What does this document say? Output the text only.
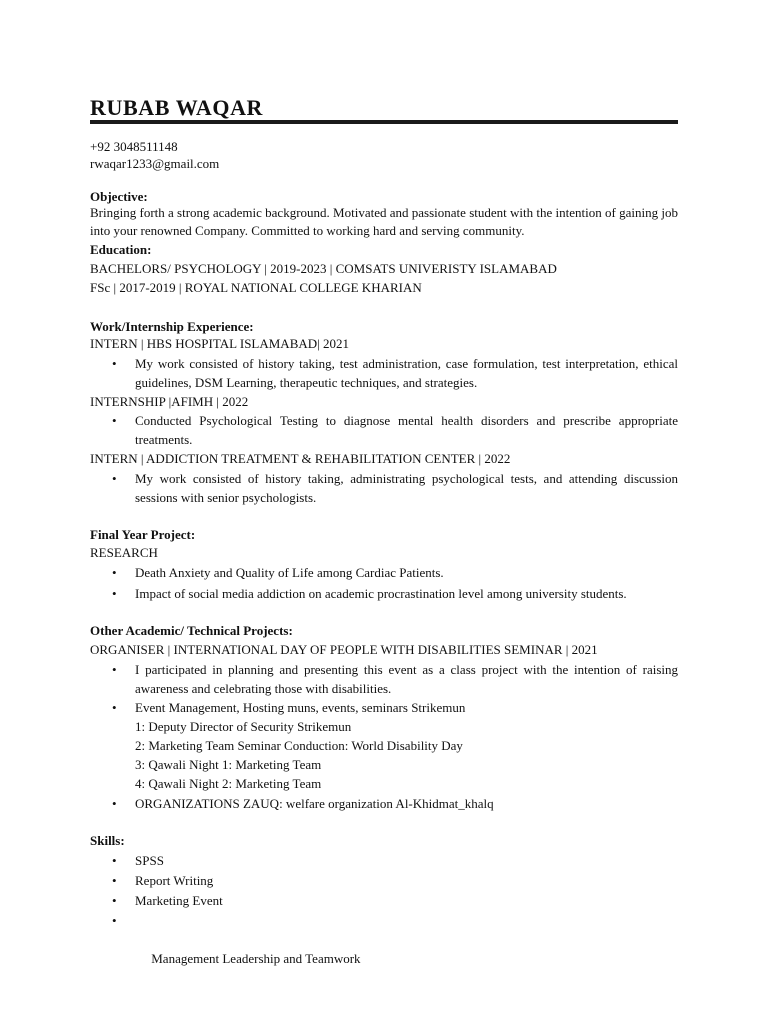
RUBAB WAQAR
+92 3048511148
rwaqar1233@gmail.com
Objective:
Bringing forth a strong academic background. Motivated and passionate student with the intention of gaining job into your renowned Company. Committed to working hard and serving community.
Education:
BACHELORS/ PSYCHOLOGY | 2019-2023 | COMSATS UNIVERISTY ISLAMABAD
FSc | 2017-2019 | ROYAL NATIONAL COLLEGE KHARIAN
Work/Internship Experience:
INTERN | HBS HOSPITAL ISLAMABAD| 2021
• My work consisted of history taking, test administration, case formulation, test interpretation, ethical guidelines, DSM Learning, therapeutic techniques, and strategies.
INTERNSHIP |AFIMH | 2022
• Conducted Psychological Testing to diagnose mental health disorders and prescribe appropriate treatments.
INTERN | ADDICTION TREATMENT & REHABILITATION CENTER | 2022
• My work consisted of history taking, administrating psychological tests, and attending discussion sessions with senior psychologists.
Final Year Project:
RESEARCH
• Death Anxiety and Quality of Life among Cardiac Patients.
• Impact of social media addiction on academic procrastination level among university students.
Other Academic/ Technical Projects:
ORGANISER | INTERNATIONAL DAY OF PEOPLE WITH DISABILITIES SEMINAR | 2021
• I participated in planning and presenting this event as a class project with the intention of raising awareness and celebrating those with disabilities.
• Event Management, Hosting muns, events, seminars Strikemun
1: Deputy Director of Security Strikemun
2: Marketing Team Seminar Conduction: World Disability Day
3: Qawali Night 1: Marketing Team
4: Qawali Night 2: Marketing Team
• ORGANIZATIONS ZAUQ: welfare organization Al-Khidmat_khalq
Skills:
• SPSS
• Report Writing
• Marketing Event

•

Management Leadership and Teamwork
